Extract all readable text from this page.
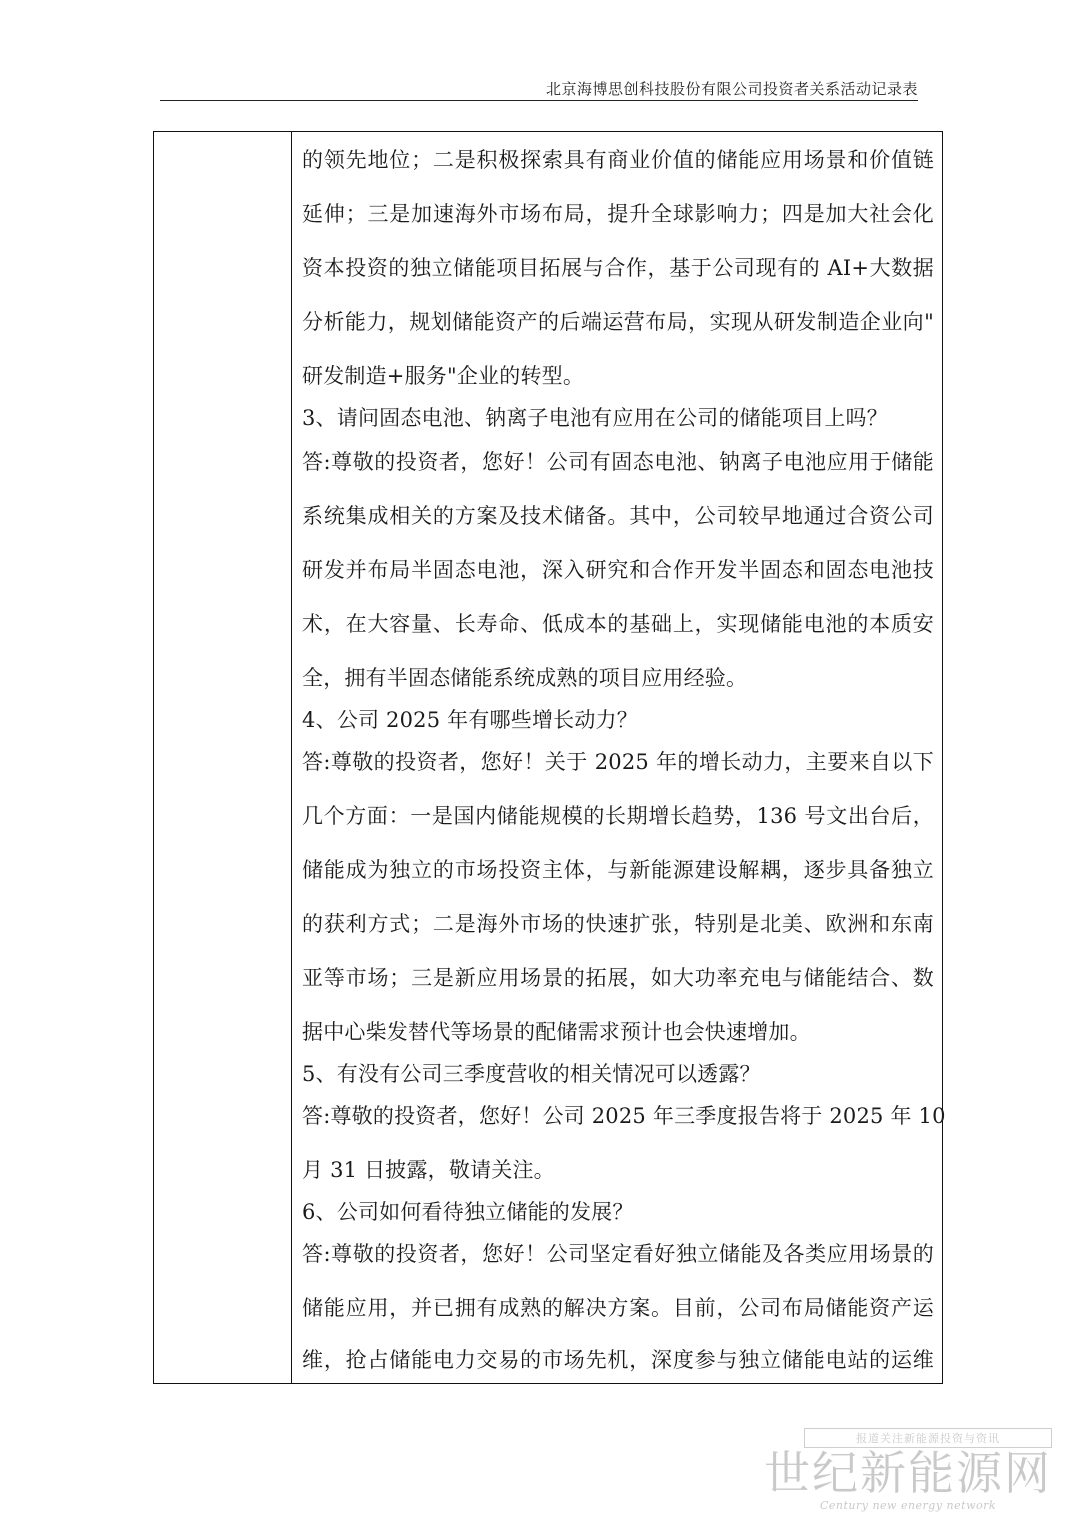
北京海博思创科技股份有限公司投资者关系活动记录表
的领先地位；二是积极探索具有商业价值的储能应用场景和价值链
延伸；三是加速海外市场布局，提升全球影响力；四是加大社会化
资本投资的独立储能项目拓展与合作，基于公司现有的 AI+大数据
分析能力，规划储能资产的后端运营布局，实现从研发制造企业向"
研发制造+服务"企业的转型。
3、请问固态电池、钠离子电池有应用在公司的储能项目上吗？
答:尊敬的投资者，您好！公司有固态电池、钠离子电池应用于储能
系统集成相关的方案及技术储备。其中，公司较早地通过合资公司
研发并布局半固态电池，深入研究和合作开发半固态和固态电池技
术，在大容量、长寿命、低成本的基础上，实现储能电池的本质安
全，拥有半固态储能系统成熟的项目应用经验。
4、公司 2025 年有哪些增长动力？
答:尊敬的投资者，您好！关于 2025 年的增长动力，主要来自以下
几个方面：一是国内储能规模的长期增长趋势，136 号文出台后，
储能成为独立的市场投资主体，与新能源建设解耦，逐步具备独立
的获利方式；二是海外市场的快速扩张，特别是北美、欧洲和东南
亚等市场；三是新应用场景的拓展，如大功率充电与储能结合、数
据中心柴发替代等场景的配储需求预计也会快速增加。
5、有没有公司三季度营收的相关情况可以透露？
答:尊敬的投资者，您好！公司 2025 年三季度报告将于 2025 年 10
月 31 日披露，敬请关注。
6、公司如何看待独立储能的发展？
答:尊敬的投资者，您好！公司坚定看好独立储能及各类应用场景的
储能应用，并已拥有成熟的解决方案。目前，公司布局储能资产运
维，抢占储能电力交易的市场先机，深度参与独立储能电站的运维
报道关注新能源投资与资讯
世纪新能源网
Century new energy network
